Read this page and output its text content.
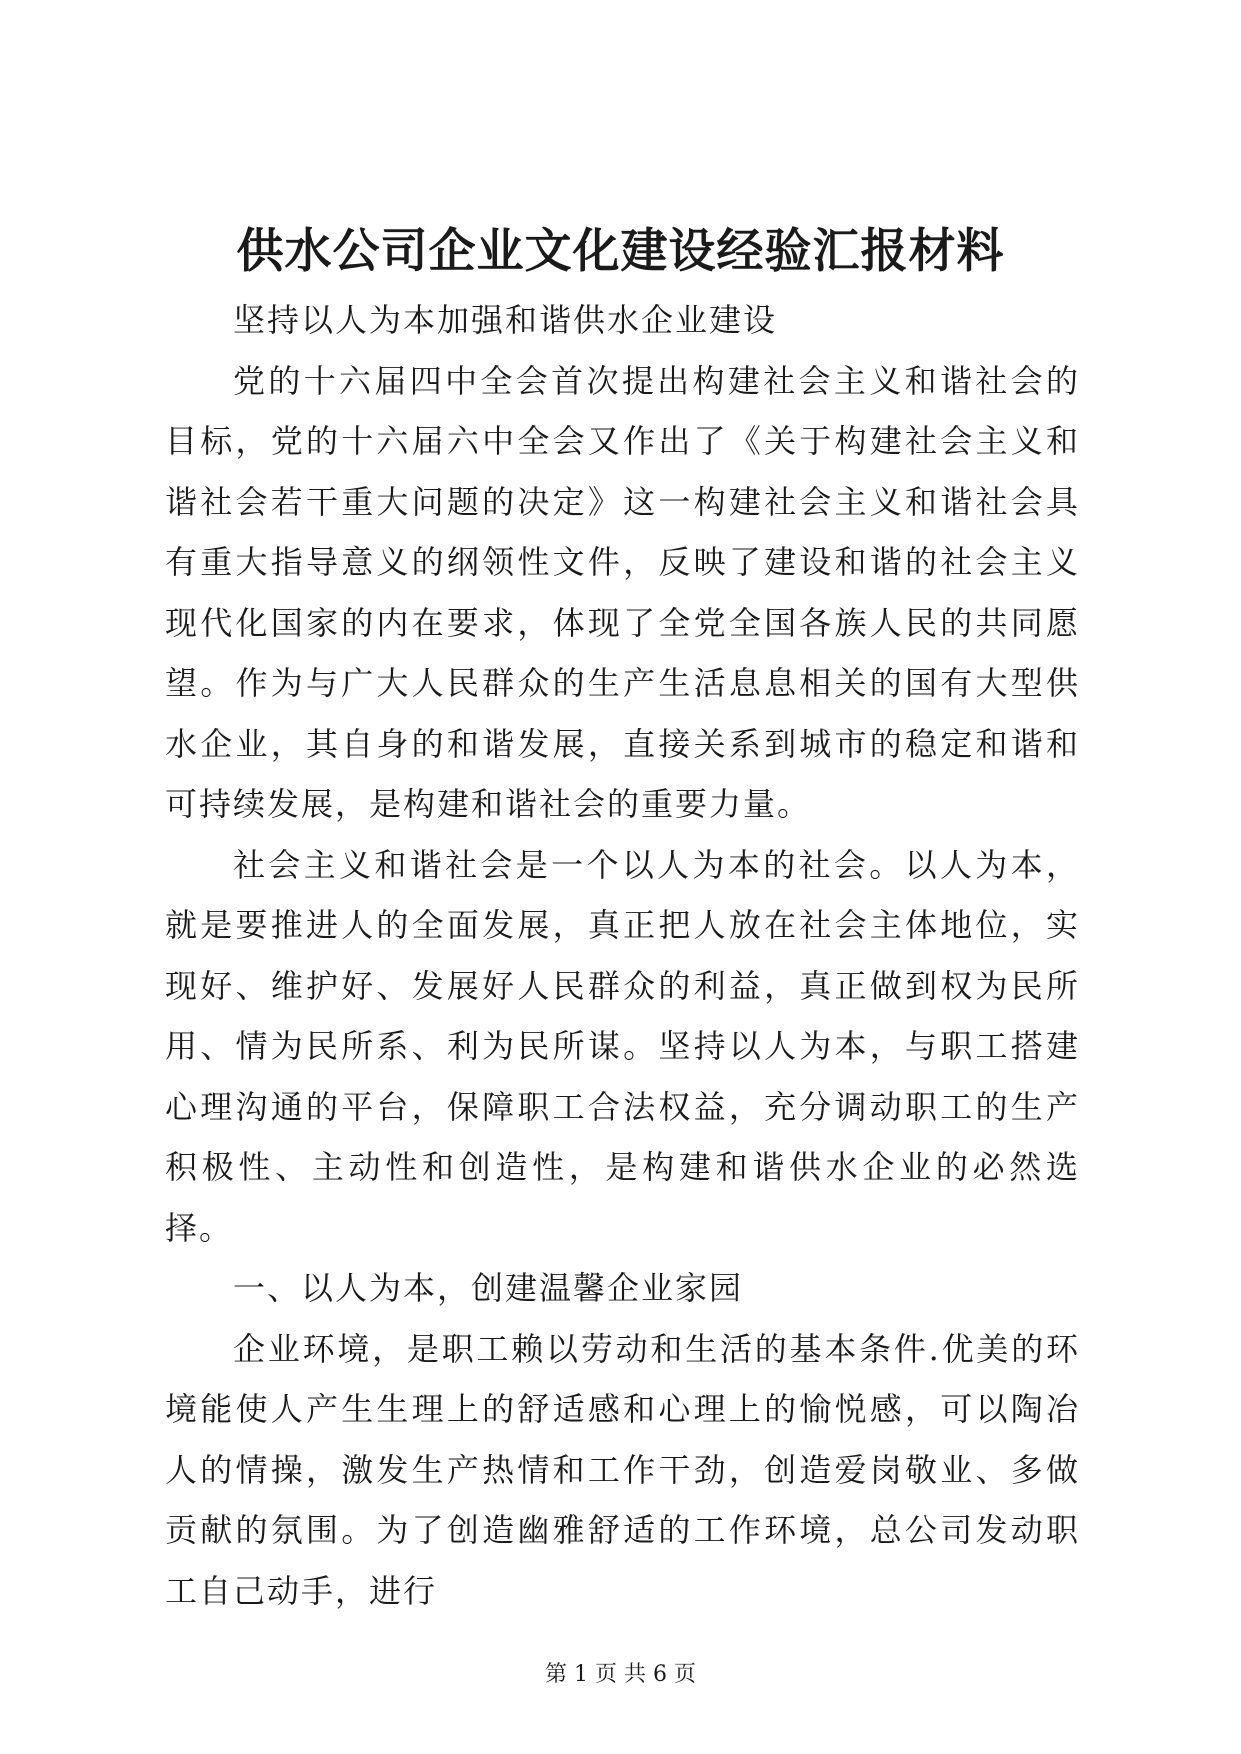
供水公司企业文化建设经验汇报材料

坚持以人为本加强和谐供水企业建设

党的十六届四中全会首次提出构建社会主义和谐社会的目标，党的十六届六中全会又作出了《关于构建社会主义和谐社会若干重大问题的决定》这一构建社会主义和谐社会具有重大指导意义的纲领性文件，反映了建设和谐的社会主义现代化国家的内在要求，体现了全党全国各族人民的共同愿望。作为与广大人民群众的生产生活息息相关的国有大型供水企业，其自身的和谐发展，直接关系到城市的稳定和谐和可持续发展，是构建和谐社会的重要力量。

社会主义和谐社会是一个以人为本的社会。以人为本，就是要推进人的全面发展，真正把人放在社会主体地位，实现好、维护好、发展好人民群众的利益，真正做到权为民所用、情为民所系、利为民所谋。坚持以人为本，与职工搭建心理沟通的平台，保障职工合法权益，充分调动职工的生产积极性、主动性和创造性，是构建和谐供水企业的必然选择。

一、以人为本，创建温馨企业家园

企业环境，是职工赖以劳动和生活的基本条件.优美的环境能使人产生生理上的舒适感和心理上的愉悦感，可以陶冶人的情操，激发生产热情和工作干劲，创造爱岗敬业、多做贡献的氛围。为了创造幽雅舒适的工作环境，总公司发动职工自己动手，进行

第 1 页 共 6 页
